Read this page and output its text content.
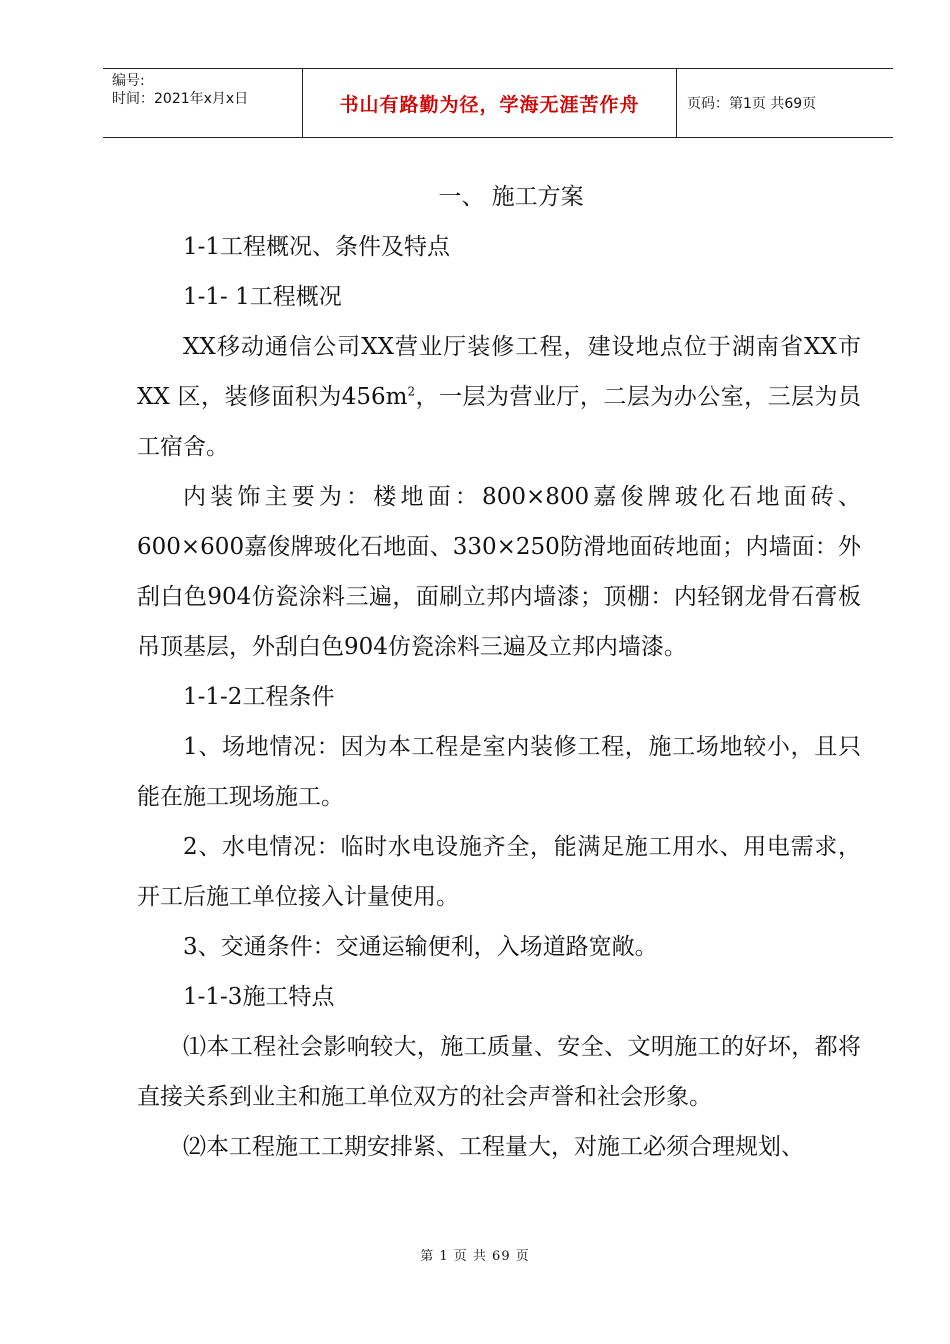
编号:
时间：2021年x月x日	书山有路勤为径，学海无涯苦作舟	页码：第1页 共69页

一、 施工方案

1-1工程概况、条件及特点

1-1- 1工程概况

XX移动通信公司XX营业厅装修工程，建设地点位于湖南省XX市XX 区，装修面积为$456m^2$，一层为营业厅，二层为办公室，三层为员工宿舍。

内装饰主要为：楼地面：800×800嘉俊牌玻化石地面砖、600×600嘉俊牌玻化石地面、330×250防滑地面砖地面；内墙面：外刮白色904仿瓷涂料三遍，面刷立邦内墙漆；顶棚：内轻钢龙骨石膏板吊顶基层，外刮白色904仿瓷涂料三遍及立邦内墙漆。

1-1-2工程条件

1、场地情况：因为本工程是室内装修工程，施工场地较小，且只能在施工现场施工。

2、水电情况：临时水电设施齐全，能满足施工用水、用电需求，开工后施工单位接入计量使用。

3、交通条件：交通运输便利，入场道路宽敞。

1-1-3施工特点

⑴本工程社会影响较大，施工质量、安全、文明施工的好坏，都将直接关系到业主和施工单位双方的社会声誉和社会形象。

⑵本工程施工工期安排紧、工程量大，对施工必须合理规划、

第 1 页 共 69 页
